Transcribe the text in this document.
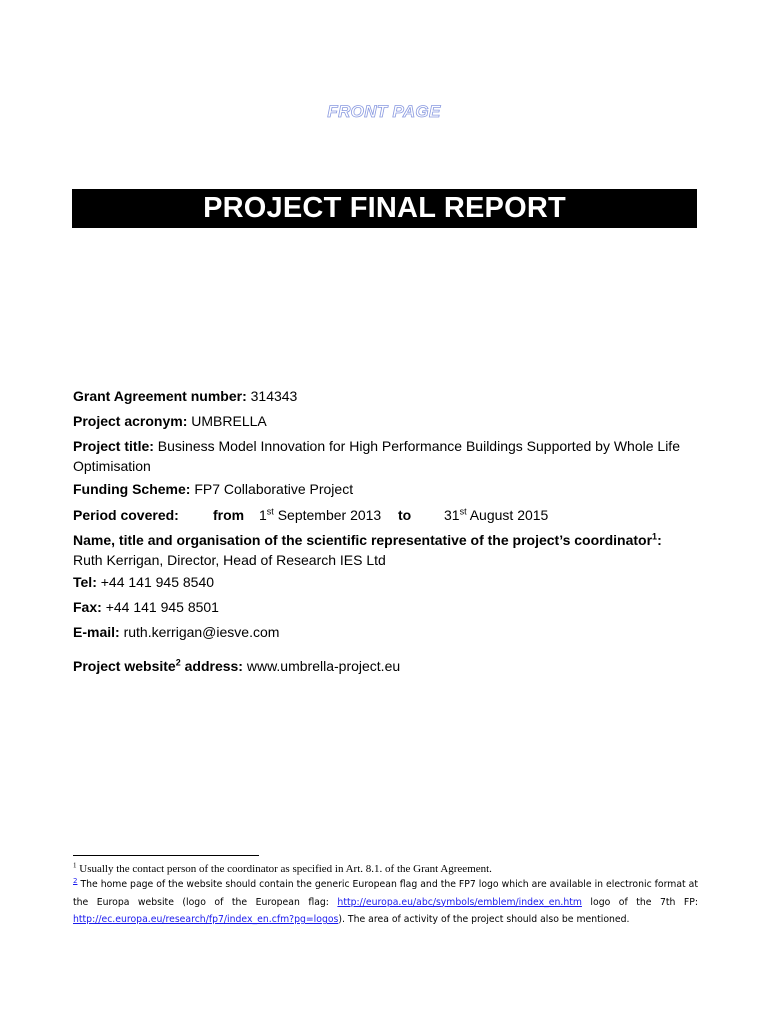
FRONT PAGE
PROJECT FINAL REPORT
Grant Agreement number: 314343
Project acronym: UMBRELLA
Project title: Business Model Innovation for High Performance Buildings Supported by Whole Life Optimisation
Funding Scheme: FP7 Collaborative Project
Period covered: from 1st September 2013 to 31st August 2015
Name, title and organisation of the scientific representative of the project’s coordinator$^1$:
Ruth Kerrigan, Director, Head of Research IES Ltd
Tel: +44 141 945 8540
Fax: +44 141 945 8501
E-mail: ruth.kerrigan@iesve.com
Project website$^2$ address: www.umbrella-project.eu
$^1$ Usually the contact person of the coordinator as specified in Art. 8.1. of the Grant Agreement.
$^2$ The home page of the website should contain the generic European flag and the FP7 logo which are available in electronic format at the Europa website (logo of the European flag: http://europa.eu/abc/symbols/emblem/index_en.htm logo of the 7th FP: http://ec.europa.eu/research/fp7/index_en.cfm?pg=logos). The area of activity of the project should also be mentioned.
